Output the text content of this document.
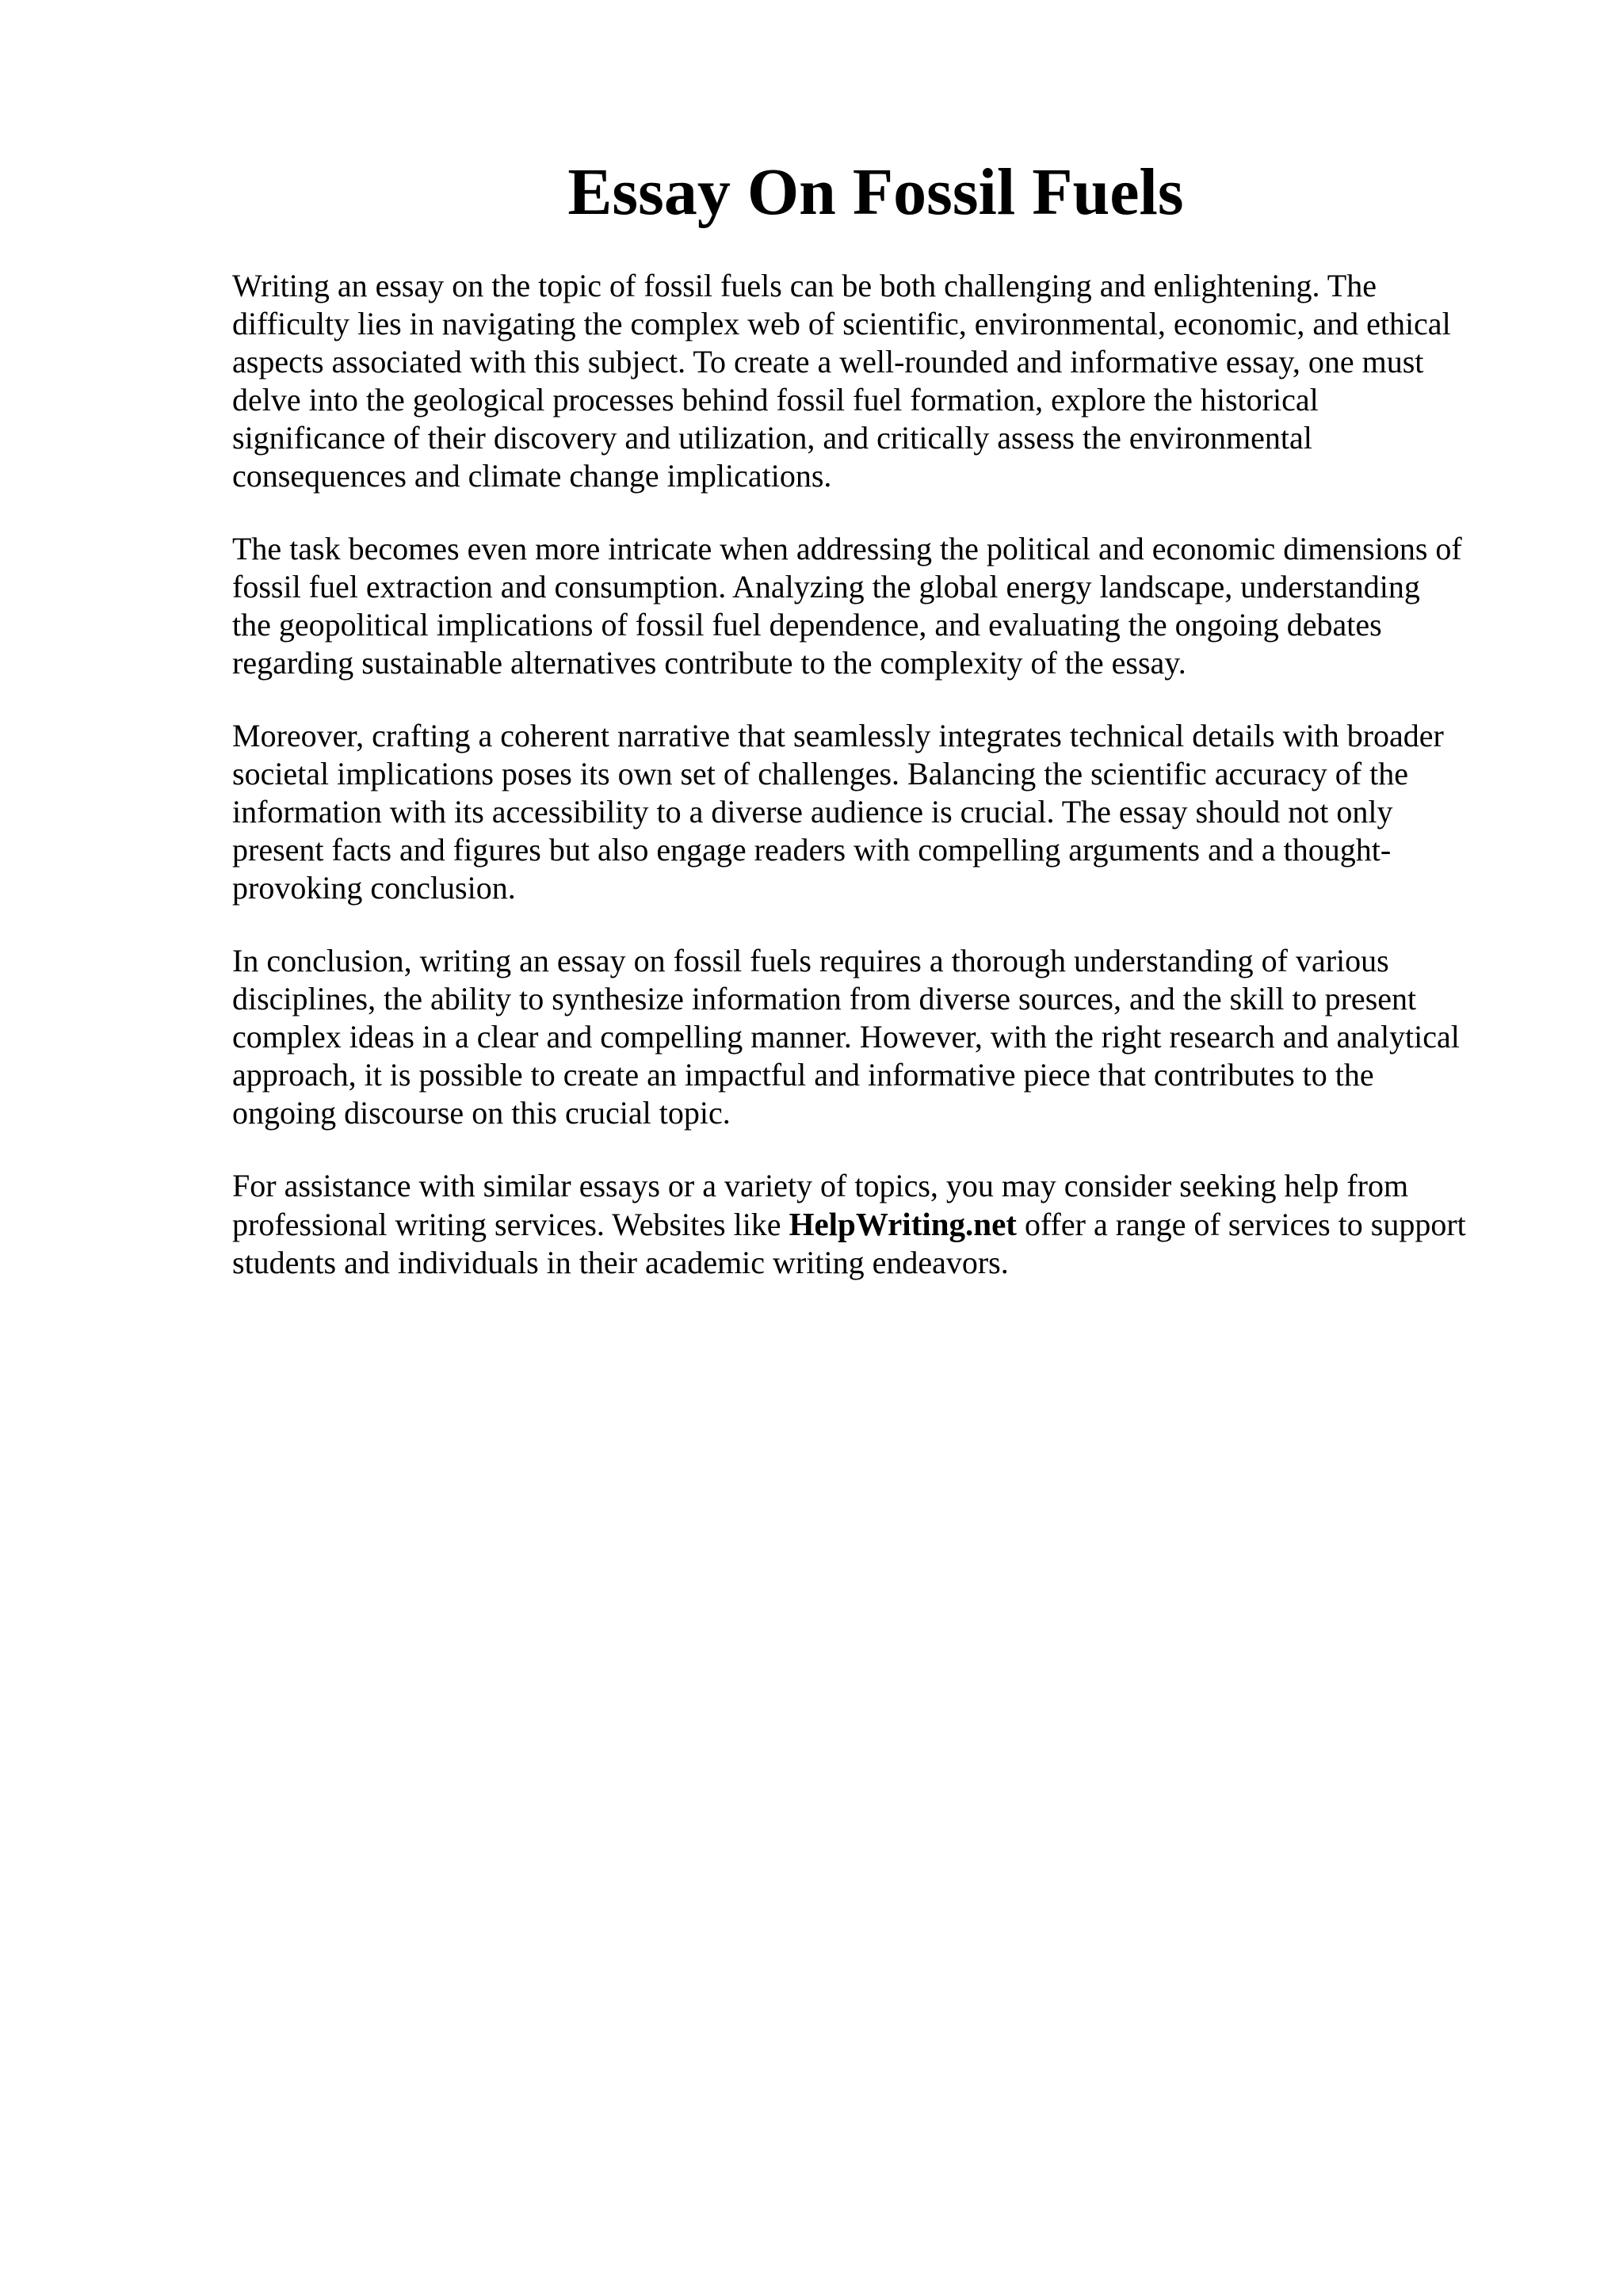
Essay On Fossil Fuels

Writing an essay on the topic of fossil fuels can be both challenging and enlightening. The
difficulty lies in navigating the complex web of scientific, environmental, economic, and ethical
aspects associated with this subject. To create a well-rounded and informative essay, one must
delve into the geological processes behind fossil fuel formation, explore the historical
significance of their discovery and utilization, and critically assess the environmental
consequences and climate change implications.

The task becomes even more intricate when addressing the political and economic dimensions of
fossil fuel extraction and consumption. Analyzing the global energy landscape, understanding
the geopolitical implications of fossil fuel dependence, and evaluating the ongoing debates
regarding sustainable alternatives contribute to the complexity of the essay.

Moreover, crafting a coherent narrative that seamlessly integrates technical details with broader
societal implications poses its own set of challenges. Balancing the scientific accuracy of the
information with its accessibility to a diverse audience is crucial. The essay should not only
present facts and figures but also engage readers with compelling arguments and a thought-
provoking conclusion.

In conclusion, writing an essay on fossil fuels requires a thorough understanding of various
disciplines, the ability to synthesize information from diverse sources, and the skill to present
complex ideas in a clear and compelling manner. However, with the right research and analytical
approach, it is possible to create an impactful and informative piece that contributes to the
ongoing discourse on this crucial topic.

For assistance with similar essays or a variety of topics, you may consider seeking help from
professional writing services. Websites like HelpWriting.net offer a range of services to support
students and individuals in their academic writing endeavors.
